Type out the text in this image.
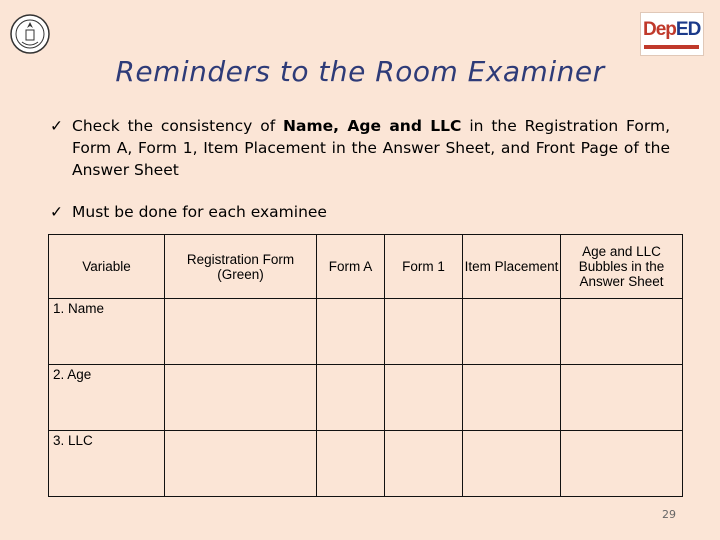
DepED
Reminders to the Room Examiner
✓ Check the consistency of Name, Age and LLC in the Registration Form, Form A, Form 1, Item Placement in the Answer Sheet, and Front Page of the Answer Sheet
✓ Must be done for each examinee
Variable	Registration Form (Green)	Form A	Form 1	Item Placement	Age and LLC Bubbles in the Answer Sheet
1. Name					
2. Age					
3. LLC					
29
